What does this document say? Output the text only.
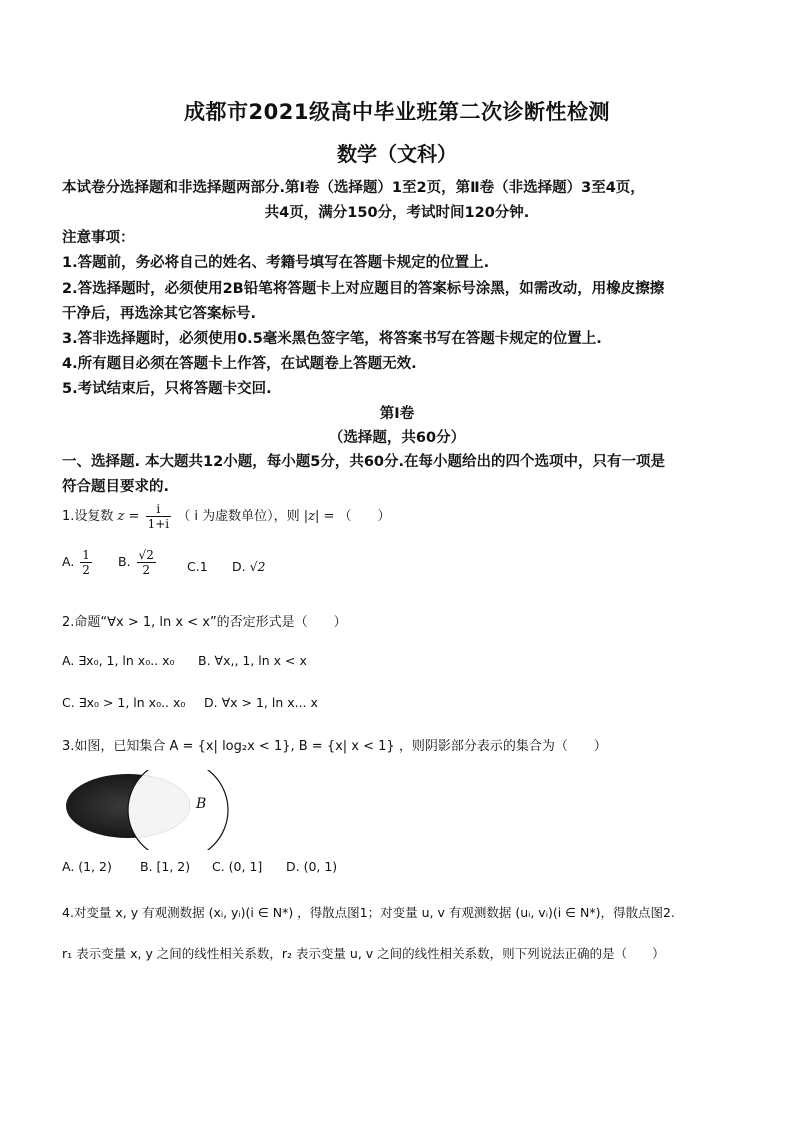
成都市2021级高中毕业班第二次诊断性检测
数学（文科）
本试卷分选择题和非选择题两部分.第Ⅰ卷（选择题）1至2页，第Ⅱ卷（非选择题）3至4页，
共4页，满分150分，考试时间120分钟.
注意事项：
1.答题前，务必将自己的姓名、考籍号填写在答题卡规定的位置上.
2.答选择题时，必须使用2B铅笔将答题卡上对应题目的答案标号涂黑，如需改动，用橡皮擦擦
干净后，再选涂其它答案标号.
3.答非选择题时，必须使用0.5毫米黑色签字笔，将答案书写在答题卡规定的位置上.
4.所有题目必须在答题卡上作答，在试题卷上答题无效.
5.考试结束后，只将答题卡交回.
第Ⅰ卷
（选择题，共60分）
一、选择题. 本大题共12小题，每小题5分，共60分.在每小题给出的四个选项中，只有一项是
符合题目要求的.
1.设复数 $z = \frac{i}{1+i}$ （ i 为虚数单位），则 |z| = （　　）
A. $\frac{1}{2} B$. $\frac{√2}{2} C.1$ D. √2
2.命题“∀x > 1, ln x < x”的否定形式是（　　）
A. ∃x₀, 1, ln x₀.. x₀ B. ∀x,, 1, ln x < x
C. ∃x₀ > 1, ln x₀.. x₀ D. ∀x > 1, ln x... x
3.如图，已知集合 A = {x| log₂x < 1}, B = {x| x < 1} ，则阴影部分表示的集合为（　　）
B
A. (1, 2) B. [1, 2) C. (0, 1] D. (0, 1)
4.对变量 x, y 有观测数据 (xᵢ, yᵢ)(i ∈ N*) ，得散点图1；对变量 u, v 有观测数据 (uᵢ, vᵢ)(i ∈ N*)，得散点图2.
r₁ 表示变量 x, y 之间的线性相关系数，r₂ 表示变量 u, v 之间的线性相关系数，则下列说法正确的是（　　）
